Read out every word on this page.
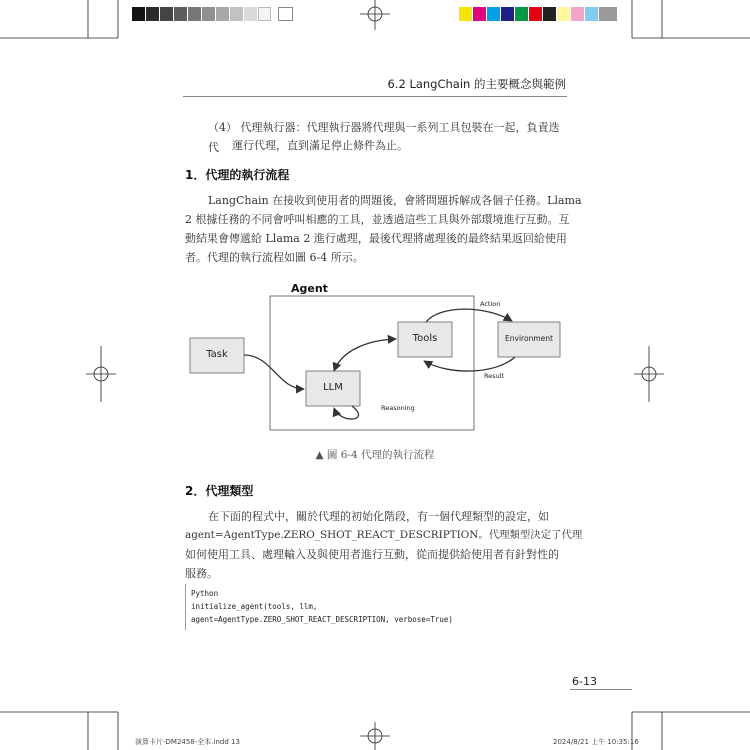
6.2 LangChain 的主要概念與範例
（4） 代理執行器：代理執行器將代理與一系列工具包裝在一起，負責迭代	運行代理，直到滿足停止條件為止。
1．代理的執行流程
LangChain 在接收到使用者的問題後，會將問題拆解成各個子任務。Llama
2 根據任務的不同會呼叫相應的工具，並透過這些工具與外部環境進行互動。互
動結果會傳遞給 Llama 2 進行處理，最後代理將處理後的最終結果返回給使用
者。代理的執行流程如圖 6-4 所示。
Agent
Task
Tools	Environment
LLM
Action
Result
Reasoning
▲ 圖 6-4 代理的執行流程
2．代理類型
在下面的程式中，關於代理的初始化階段，有一個代理類型的設定，如
agent=AgentType.ZERO_SHOT_REACT_DESCRIPTION。代理類型決定了代理
如何使用工具、處理輸入及與使用者進行互動，從而提供給使用者有針對性的
服務。
Python
initialize_agent(tools, llm,
agent=AgentType.ZERO_SHOT_REACT_DESCRIPTION, verbose=True)
6-13
演算卡片-DM2458-全本.indd 13	2024/8/21 上午 10:35:16
